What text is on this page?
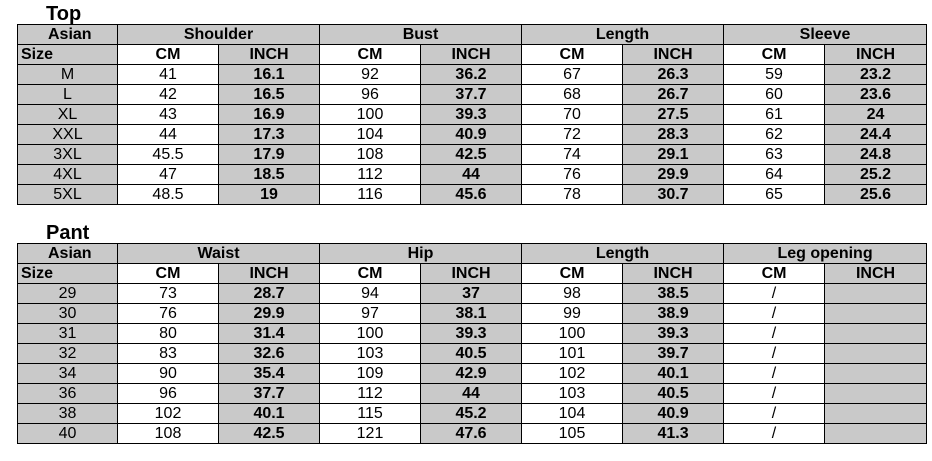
Top
Asian	Shoulder		Bust		Length		Sleeve	
Size	CM	INCH	CM	INCH	CM	INCH	CM	INCH
M	41	16.1	92	36.2	67	26.3	59	23.2
L	42	16.5	96	37.7	68	26.7	60	23.6
XL	43	16.9	100	39.3	70	27.5	61	24
XXL	44	17.3	104	40.9	72	28.3	62	24.4
3XL	45.5	17.9	108	42.5	74	29.1	63	24.8
4XL	47	18.5	112	44	76	29.9	64	25.2
5XL	48.5	19	116	45.6	78	30.7	65	25.6
Pant
Asian	Waist		Hip		Length		Leg opening	
Size	CM	INCH	CM	INCH	CM	INCH	CM	INCH
29	73	28.7	94	37	98	38.5	/	
30	76	29.9	97	38.1	99	38.9	/	
31	80	31.4	100	39.3	100	39.3	/	
32	83	32.6	103	40.5	101	39.7	/	
34	90	35.4	109	42.9	102	40.1	/	
36	96	37.7	112	44	103	40.5	/	
38	102	40.1	115	45.2	104	40.9	/	
40	108	42.5	121	47.6	105	41.3	/	
